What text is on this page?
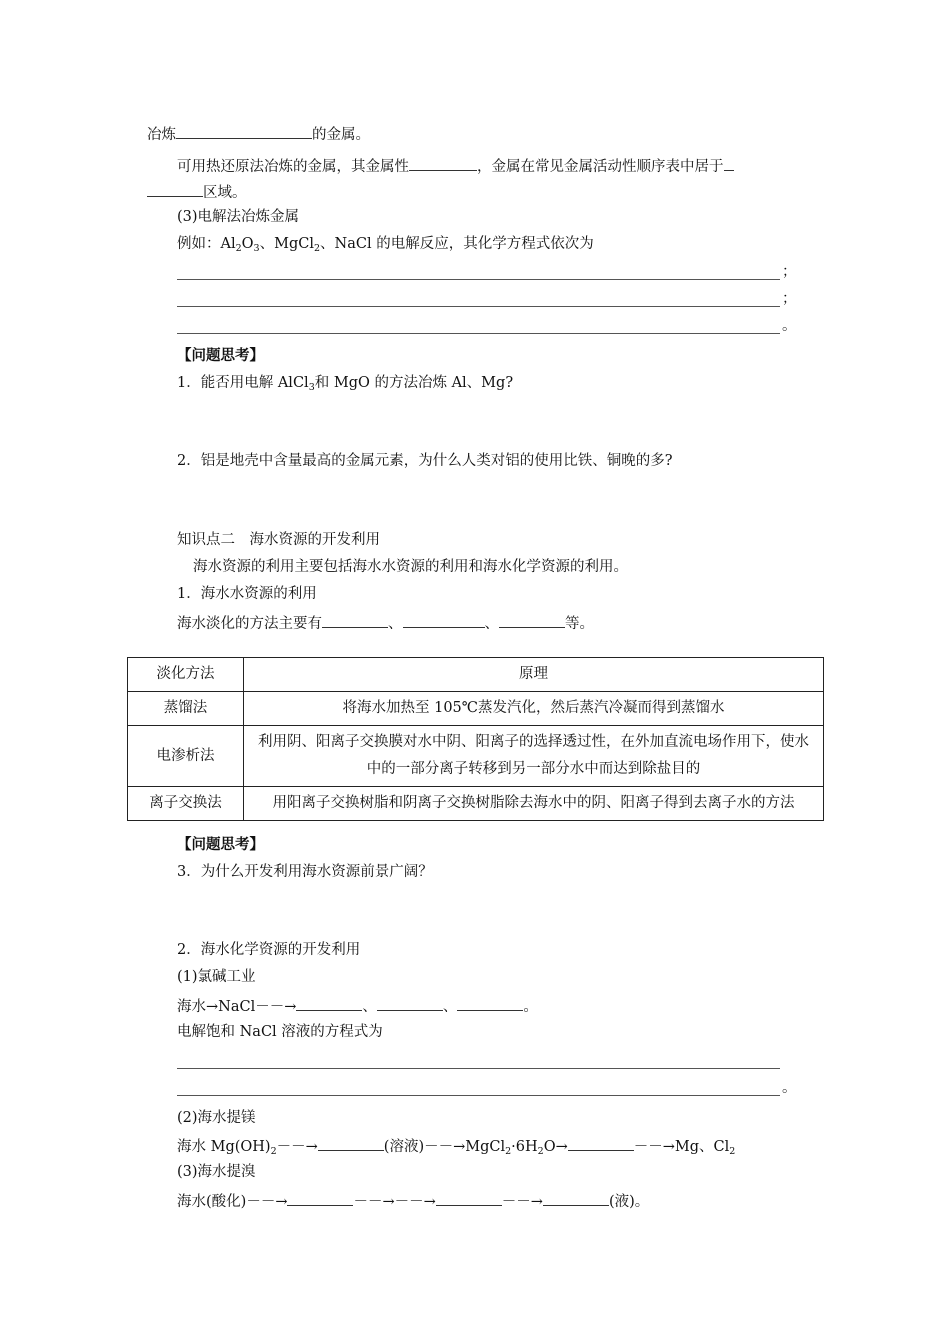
冶炼	的金属。
可用热还原法冶炼的金属，其金属性	，金属在常见金属活动性顺序表中居于
区域。
(3)电解法冶炼金属
例如：$Al_2O_3$、MgCl$_2$、NaCl 的电解反应，其化学方程式依次为
；
；
。
【问题思考】
1．能否用电解 AlCl$_3$和 MgO 的方法冶炼 Al、Mg?
2．铝是地壳中含量最高的金属元素，为什么人类对铝的使用比铁、铜晚的多?
知识点二　海水资源的开发利用
海水资源的利用主要包括海水水资源的利用和海水化学资源的利用。
1．海水水资源的利用
海水淡化的方法主要有	、	、	等。
淡化方法	原理
蒸馏法	将海水加热至 105℃蒸发汽化，然后蒸汽冷凝而得到蒸馏水
电渗析法	利用阴、阳离子交换膜对水中阴、阳离子的选择透过性，在外加直流电场作用下，使水中的一部分离子转移到另一部分水中而达到除盐目的
离子交换法	用阳离子交换树脂和阴离子交换树脂除去海水中的阴、阳离子得到去离子水的方法
【问题思考】
3．为什么开发利用海水资源前景广阔？
2．海水化学资源的开发利用
(1)氯碱工业
海水→NaCl－－→	、	、	。
电解饱和 NaCl 溶液的方程式为
。
(2)海水提镁
海水 $Mg(OH)_2--\to$	(溶液)$--\to MgCl_2\cdot 6H_2O\to$	－－→Mg、$Cl_2$
(3)海水提溴
海水(酸化)－－→	－－→－－→	－－→	(液)。
